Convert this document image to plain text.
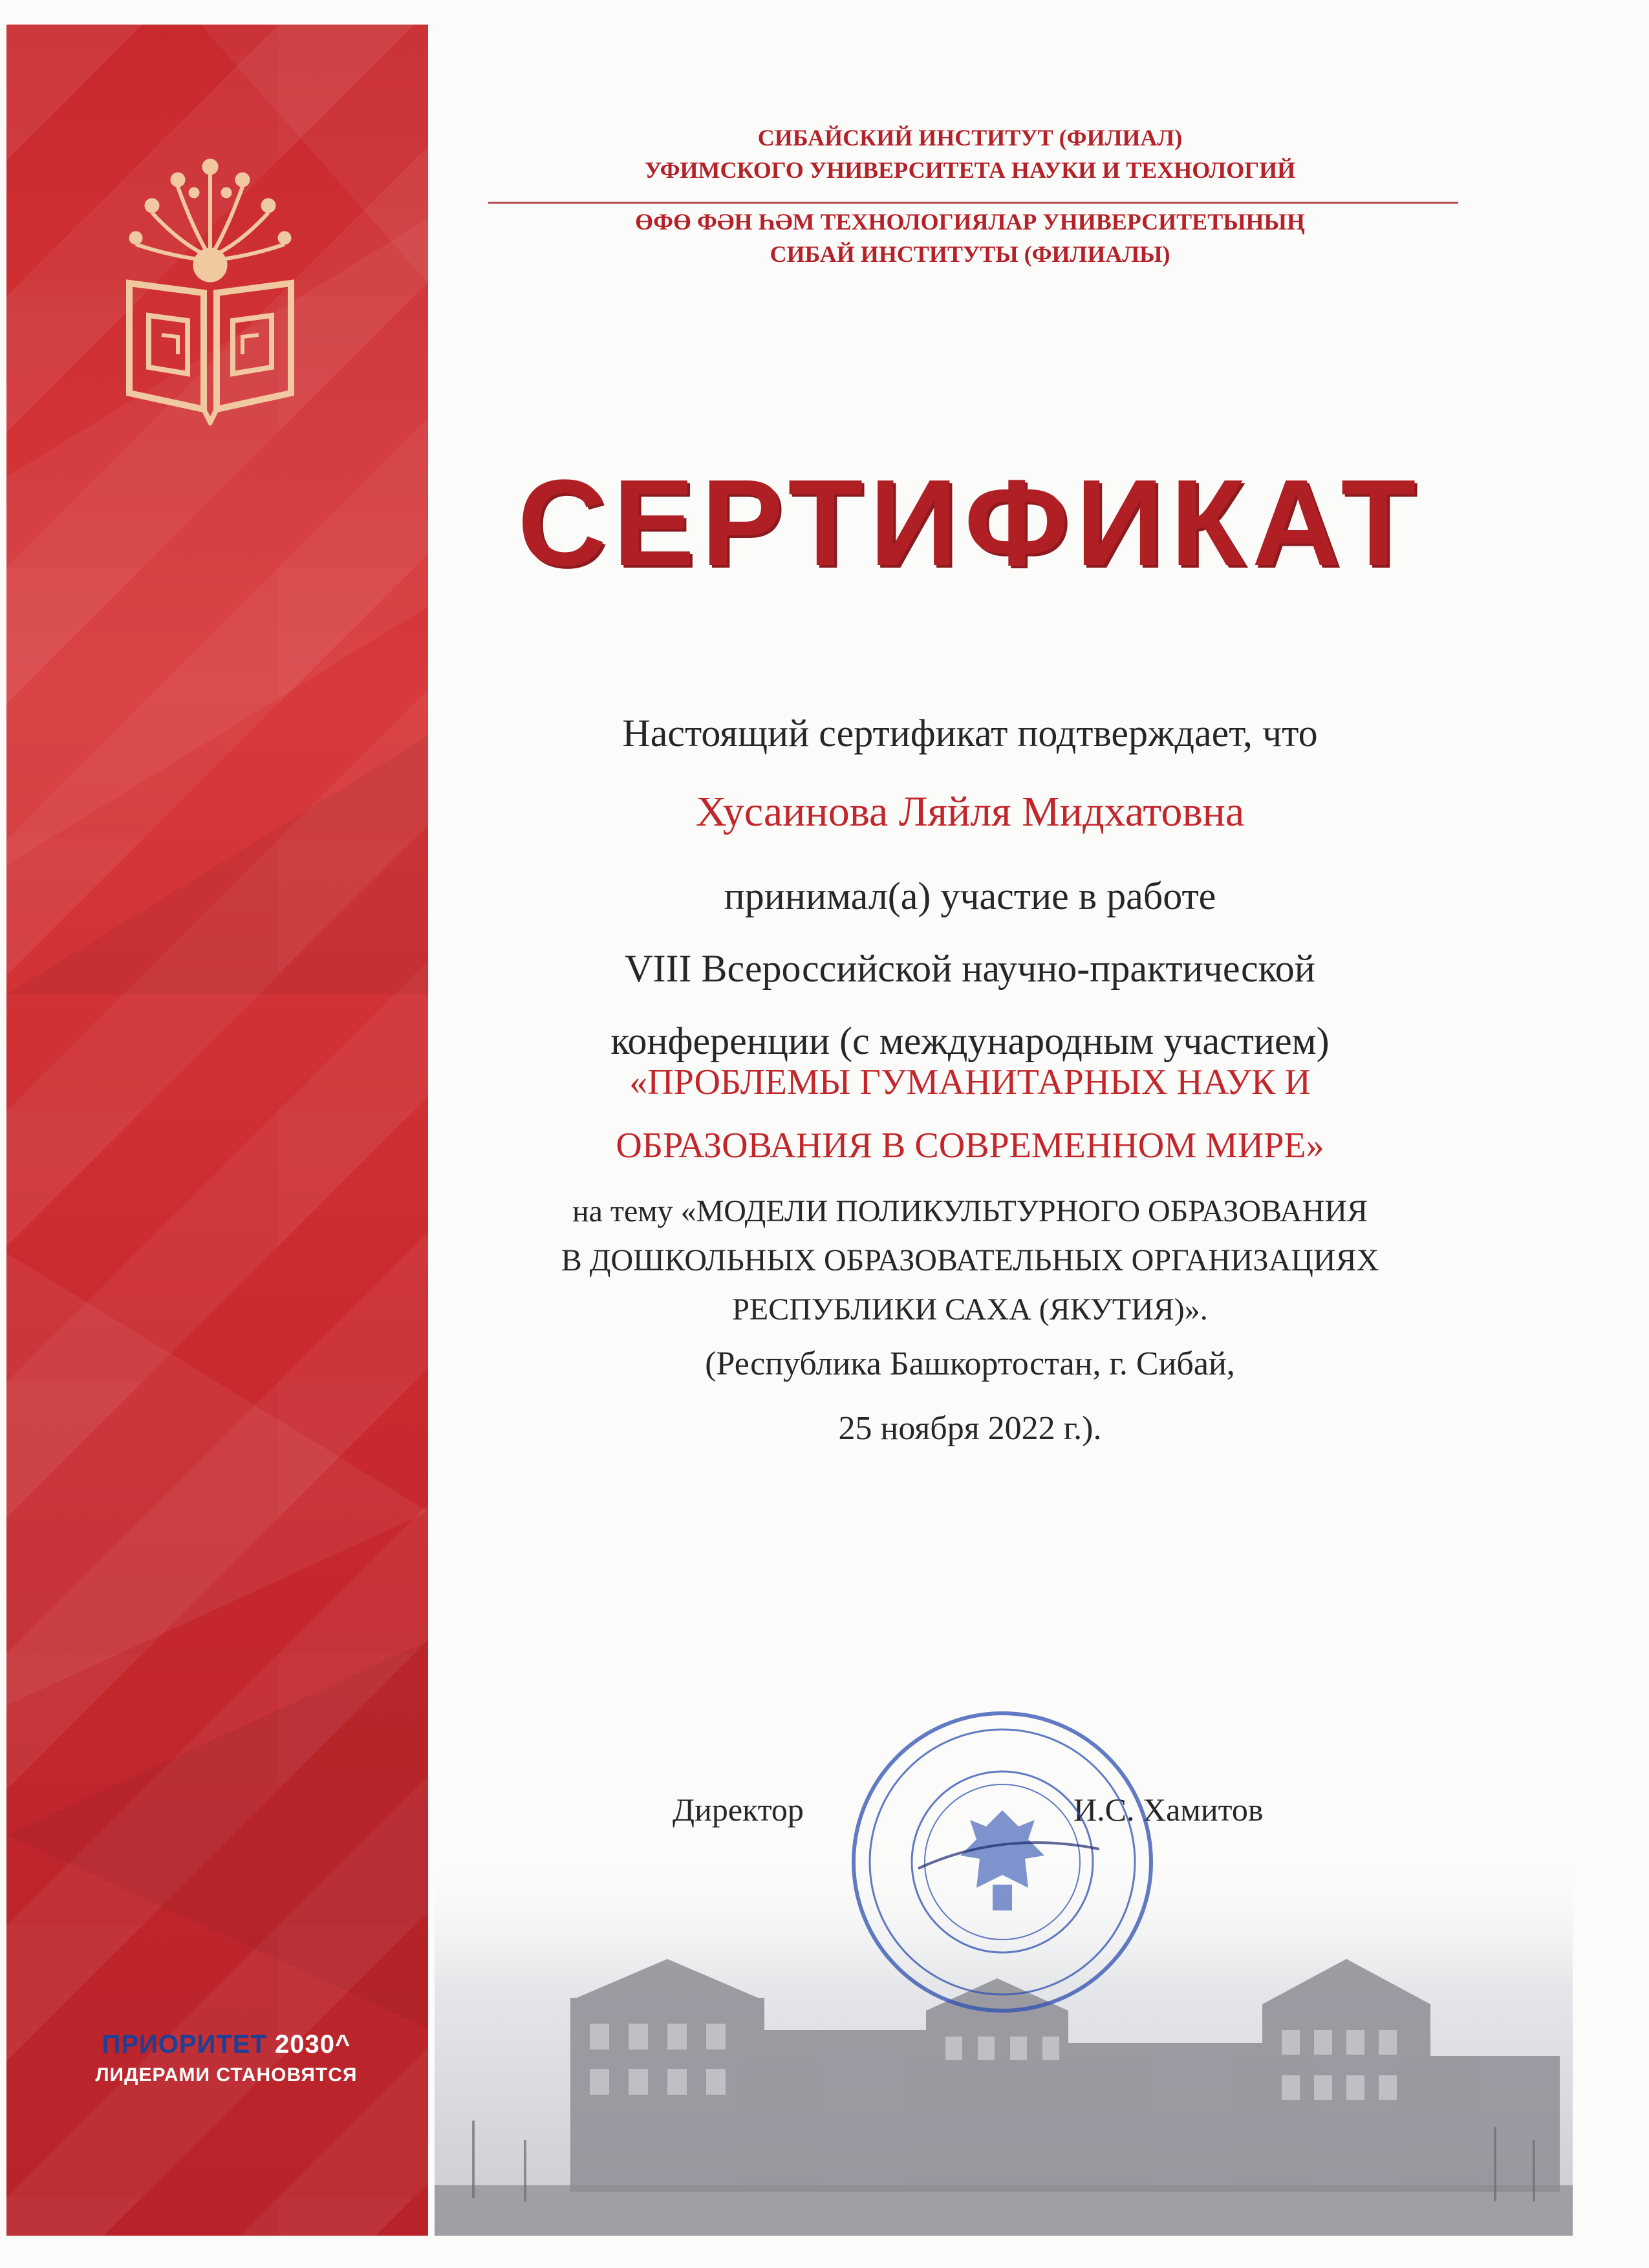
ПРИОРИТЕТ 2030^
ЛИДЕРАМИ СТАНОВЯТСЯ
СИБАЙСКИЙ ИНСТИТУТ (ФИЛИАЛ)
УФИМСКОГО УНИВЕРСИТЕТА НАУКИ И ТЕХНОЛОГИЙ
ӨФӨ ФӘН ҺӘМ ТЕХНОЛОГИЯЛАР УНИВЕРСИТЕТЫНЫҢ
СИБАЙ ИНСТИТУТЫ (ФИЛИАЛЫ)
СЕРТИФИКАТ
Настоящий сертификат подтверждает, что
Хусаинова Ляйля Мидхатовна
принимал(а) участие в работе
VIII Всероссийской научно-практической
конференции (с международным участием)
«ПРОБЛЕМЫ ГУМАНИТАРНЫХ НАУК И
ОБРАЗОВАНИЯ В СОВРЕМЕННОМ МИРЕ»
на тему «МОДЕЛИ ПОЛИКУЛЬТУРНОГО ОБРАЗОВАНИЯ
В ДОШКОЛЬНЫХ ОБРАЗОВАТЕЛЬНЫХ ОРГАНИЗАЦИЯХ
РЕСПУБЛИКИ САХА (ЯКУТИЯ)».
(Республика Башкортостан, г. Сибай,
25 ноября 2022 г.).
Директор	И.С. Хамитов
